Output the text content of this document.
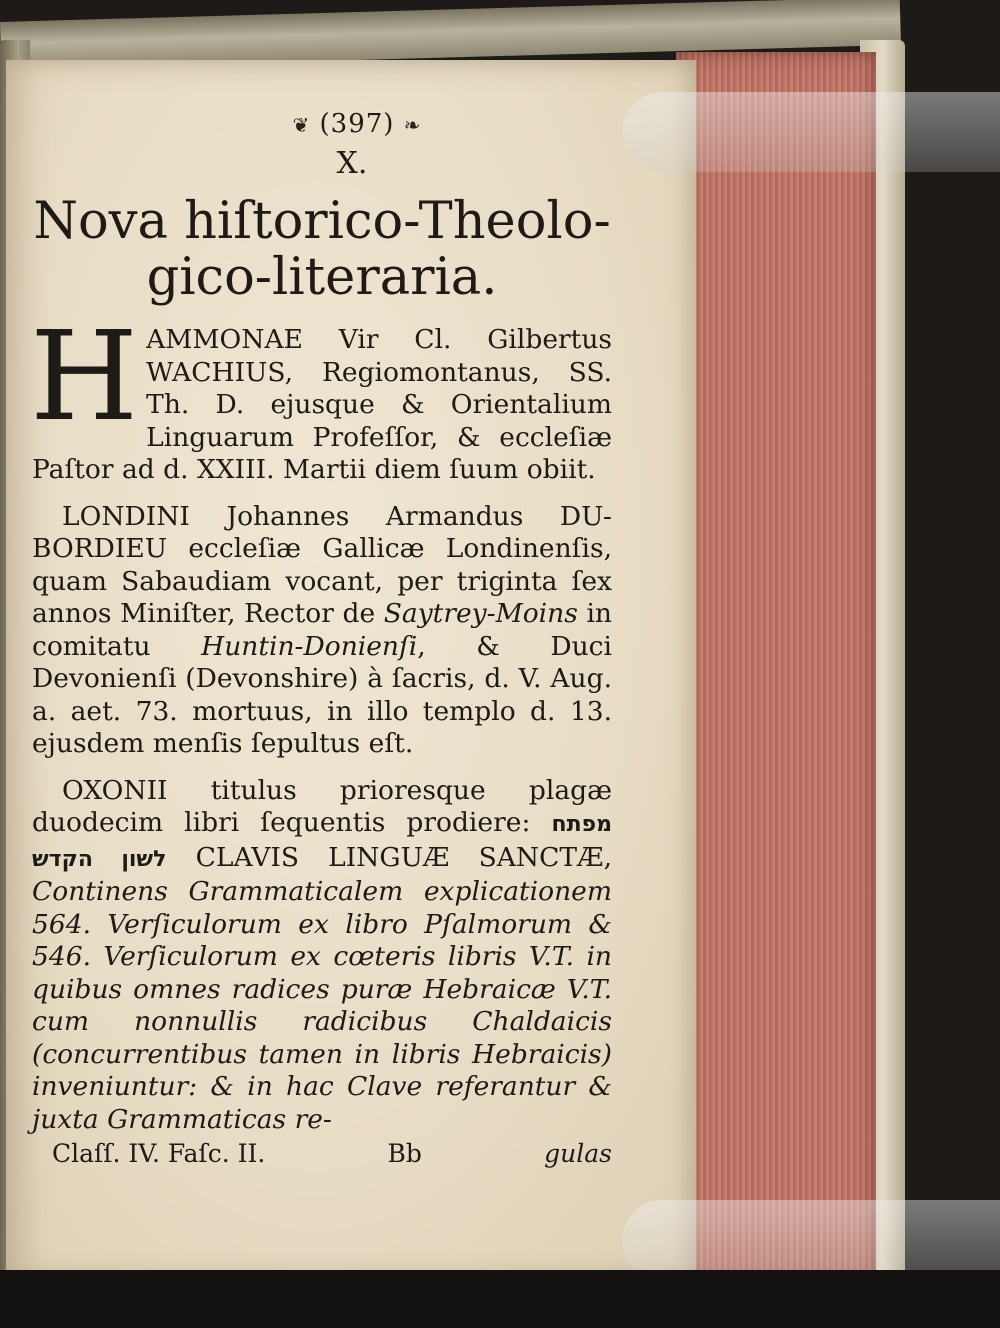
❦ (397) ❧
X.
Nova hiſtorico-Theolo-
gico-literaria.

H AMMONAE Vir Cl. Gilbertus WACHIUS, Regiomontanus, SS. Th. D. ejusque & Orientalium Linguarum Profeſſor, & eccleſiæ Paſtor ad d. XXIII. Martii diem ſuum obiit.

LONDINI Johannes Armandus DU-BORDIEU eccleſiæ Gallicæ Londinenſis, quam Sabaudiam vocant, per triginta ſex annos Miniſter, Rector de Saytrey-Moins in comitatu Huntin-Donienſi, & Duci Devonienſi (Devonshire) à ſacris, d. V. Aug. a. aet. 73. mortuus, in illo templo d. 13. ejusdem menſis ſepultus eſt.

OXONII titulus prioresque plagæ duodecim libri ſequentis prodiere: מפתח לשון הקדש CLAVIS LINGUÆ SANCTÆ, Continens Grammaticalem explicationem 564. Verſiculorum ex libro Pſalmorum & 546. Verſiculorum ex cœteris libris V.T. in quibus omnes radices puræ Hebraicæ V.T. cum nonnullis radicibus Chaldaicis (concurrentibus tamen in libris Hebraicis) inveniuntur: & in hac Clave referantur & juxta Grammaticas re-

Claſſ. IV. Faſc. II.	Bb	gulas
